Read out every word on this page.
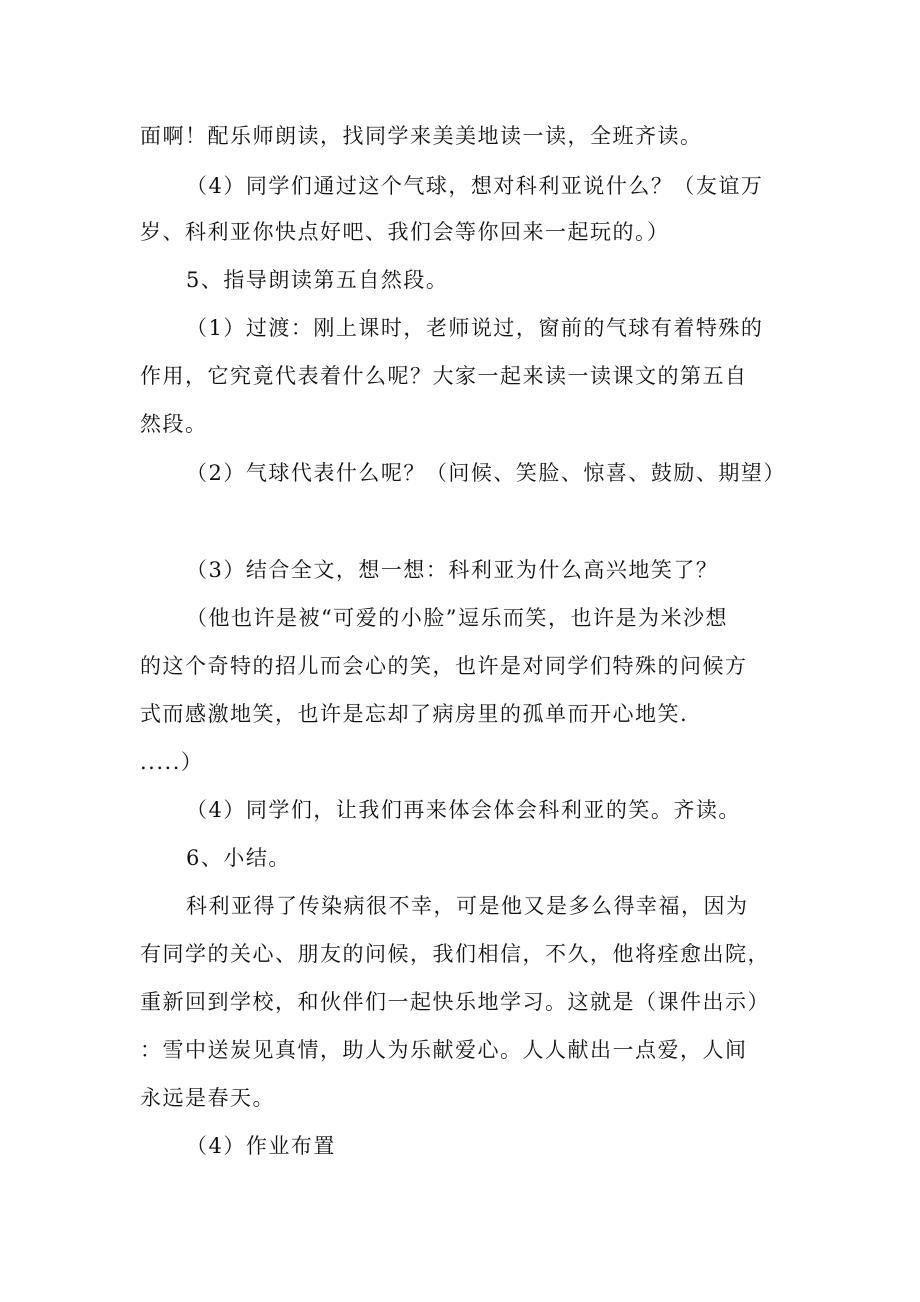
面啊！配乐师朗读，找同学来美美地读一读，全班齐读。
（4）同学们通过这个气球，想对科利亚说什么？（友谊万
岁、科利亚你快点好吧、我们会等你回来一起玩的。）
5、指导朗读第五自然段。
（1）过渡：刚上课时，老师说过，窗前的气球有着特殊的
作用，它究竟代表着什么呢？大家一起来读一读课文的第五自
然段。
（2）气球代表什么呢？（问候、笑脸、惊喜、鼓励、期望）
（3）结合全文，想一想：科利亚为什么高兴地笑了？
（他也许是被“可爱的小脸”逗乐而笑，也许是为米沙想
的这个奇特的招儿而会心的笑，也许是对同学们特殊的问候方
式而感激地笑，也许是忘却了病房里的孤单而开心地笑.
.....）
（4）同学们，让我们再来体会体会科利亚的笑。齐读。
6、小结。
科利亚得了传染病很不幸，可是他又是多么得幸福，因为
有同学的关心、朋友的问候，我们相信，不久，他将痊愈出院，
重新回到学校，和伙伴们一起快乐地学习。这就是（课件出示）
：雪中送炭见真情，助人为乐献爱心。人人献出一点爱，人间
永远是春天。
（4）作业布置
